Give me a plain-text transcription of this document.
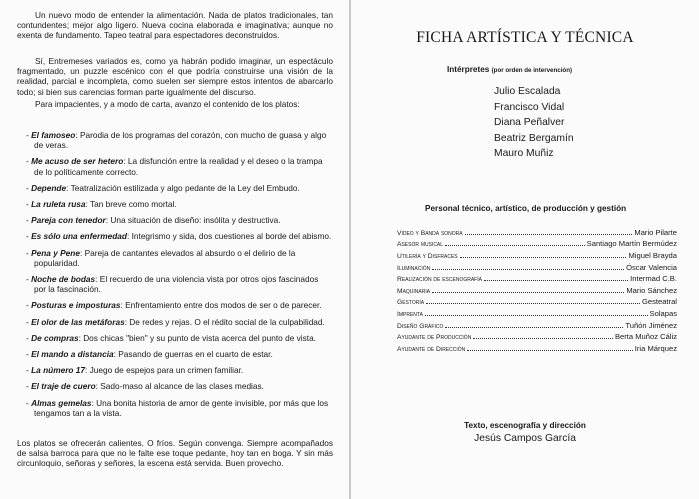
Un nuevo modo de entender la alimentación. Nada de platos tradicionales, tan contundentes; mejor algo ligero. Nueva cocina elaborada e imaginativa; aunque no exenta de fundamento. Tapeo teatral para espectadores deconstruidos.

Sí, Entremeses variados es, como ya habrán podido imaginar, un espectáculo fragmentado, un puzzle escénico con el que podría construirse una visión de la realidad, parcial e incompleta, como suelen ser siempre estos intentos de abarcarlo todo; si bien sus carencias forman parte igualmente del discurso.

Para impacientes, y a modo de carta, avanzo el contenido de los platos:

- El famoseo: Parodia de los programas del corazón, con mucho de guasa y algo de veras.
- Me acuso de ser hetero: La disfunción entre la realidad y el deseo o la trampa de lo políticamente correcto.
- Depende: Teatralización estilizada y algo pedante de la Ley del Embudo.
- La ruleta rusa: Tan breve como mortal.
- Pareja con tenedor: Una situación de diseño: insólita y destructiva.
- Es sólo una enfermedad: Integrismo y sida, dos cuestiones al borde del abismo.
- Pena y Pene: Pareja de cantantes elevados al absurdo o el delirio de la popularidad.
- Noche de bodas: El recuerdo de una violencia vista por otros ojos fascinados por la fascinación.
- Posturas e imposturas: Enfrentamiento entre dos modos de ser o de parecer.
- El olor de las metáforas: De redes y rejas. O el rédito social de la culpabilidad.
- De compras: Dos chicas "bien" y su punto de vista acerca del punto de vista.
- El mando a distancia: Pasando de guerras en el cuarto de estar.
- La número 17: Juego de espejos para un crimen familiar.
- El traje de cuero: Sado-maso al alcance de las clases medias.
- Almas gemelas: Una bonita historia de amor de gente invisible, por más que los tengamos tan a la vista.
Los platos se ofrecerán calientes. O fríos. Según convenga. Siempre acompañados de salsa barroca para que no le falte ese toque pedante, hoy tan en boga. Y sin más circunloquio, señoras y señores, la escena está servida. Buen provecho.
FICHA ARTÍSTICA Y TÉCNICA
Intérpretes (por orden de intervención)
Julio Escalada
Francisco Vidal
Diana Peñalver
Beatriz Bergamín
Mauro Muñiz
Personal técnico, artístico, de producción y gestión
Video y Banda sonora	Mario Pilarte
Asesor musical	Santiago Martín Bermúdez
Utilería y Disfraces	Miguel Brayda
Iluminación	Óscar Valencia
Realización de escenografía	Intermad C.B.
Maquinaria	Mario Sánchez
Gestoría	Gesteatral
Imprenta	Solapas
Diseño Gráfico	Tuñón Jiménez
Ayudante de Producción	Berta Muñoz Cáliz
Ayudante de Dirección	Iria Márquez
Texto, escenografía y dirección
Jesús Campos García
